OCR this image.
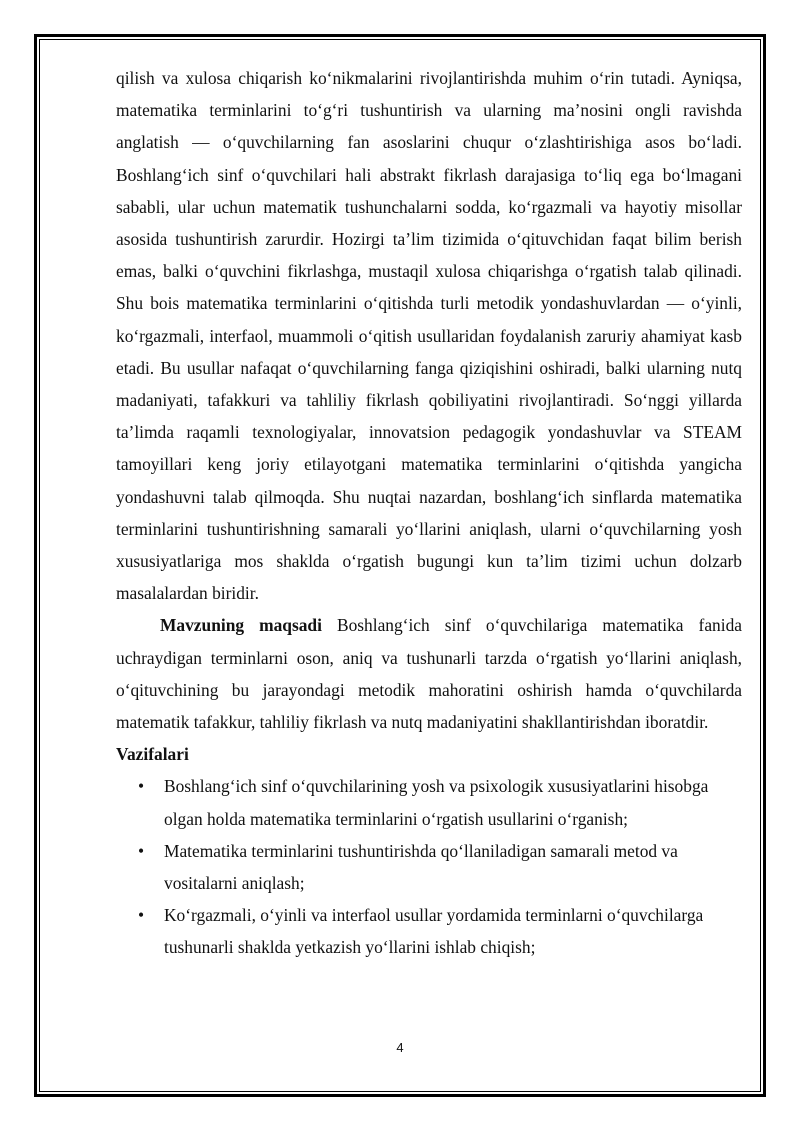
qilish va xulosa chiqarish koʻnikmalarini rivojlantirishda muhim oʻrin tutadi. Ayniqsa, matematika terminlarini toʻgʻri tushuntirish va ularning maʼnosini ongli ravishda anglatish — oʻquvchilarning fan asoslarini chuqur oʻzlashtirishiga asos boʻladi. Boshlangʻich sinf oʻquvchilari hali abstrakt fikrlash darajasiga toʻliq ega boʻlmagani sababli, ular uchun matematik tushunchalarni sodda, koʻrgazmali va hayotiy misollar asosida tushuntirish zarurdir. Hozirgi taʼlim tizimida oʻqituvchidan faqat bilim berish emas, balki oʻquvchini fikrlashga, mustaqil xulosa chiqarishga oʻrgatish talab qilinadi. Shu bois matematika terminlarini oʻqitishda turli metodik yondashuvlardan — oʻyinli, koʻrgazmali, interfaol, muammoli oʻqitish usullaridan foydalanish zaruriy ahamiyat kasb etadi. Bu usullar nafaqat oʻquvchilarning fanga qiziqishini oshiradi, balki ularning nutq madaniyati, tafakkuri va tahliliy fikrlash qobiliyatini rivojlantiradi. Soʻnggi yillarda taʼlimda raqamli texnologiyalar, innovatsion pedagogik yondashuvlar va STEAM tamoyillari keng joriy etilayotgani matematika terminlarini oʻqitishda yangicha yondashuvni talab qilmoqda. Shu nuqtai nazardan, boshlangʻich sinflarda matematika terminlarini tushuntirishning samarali yoʻllarini aniqlash, ularni oʻquvchilarning yosh xususiyatlariga mos shaklda oʻrgatish bugungi kun taʼlim tizimi uchun dolzarb masalalardan biridir.

Mavzuning maqsadi Boshlangʻich sinf oʻquvchilariga matematika fanida uchraydigan terminlarni oson, aniq va tushunarli tarzda oʻrgatish yoʻllarini aniqlash, oʻqituvchining bu jarayondagi metodik mahoratini oshirish hamda oʻquvchilarda matematik tafakkur, tahliliy fikrlash va nutq madaniyatini shakllantirishdan iboratdir.

Vazifalari

• Boshlangʻich sinf oʻquvchilarining yosh va psixologik xususiyatlarini hisobga olgan holda matematika terminlarini oʻrgatish usullarini oʻrganish;
• Matematika terminlarini tushuntirishda qoʻllaniladigan samarali metod va vositalarni aniqlash;
• Koʻrgazmali, oʻyinli va interfaol usullar yordamida terminlarni oʻquvchilarga tushunarli shaklda yetkazish yoʻllarini ishlab chiqish;
4
